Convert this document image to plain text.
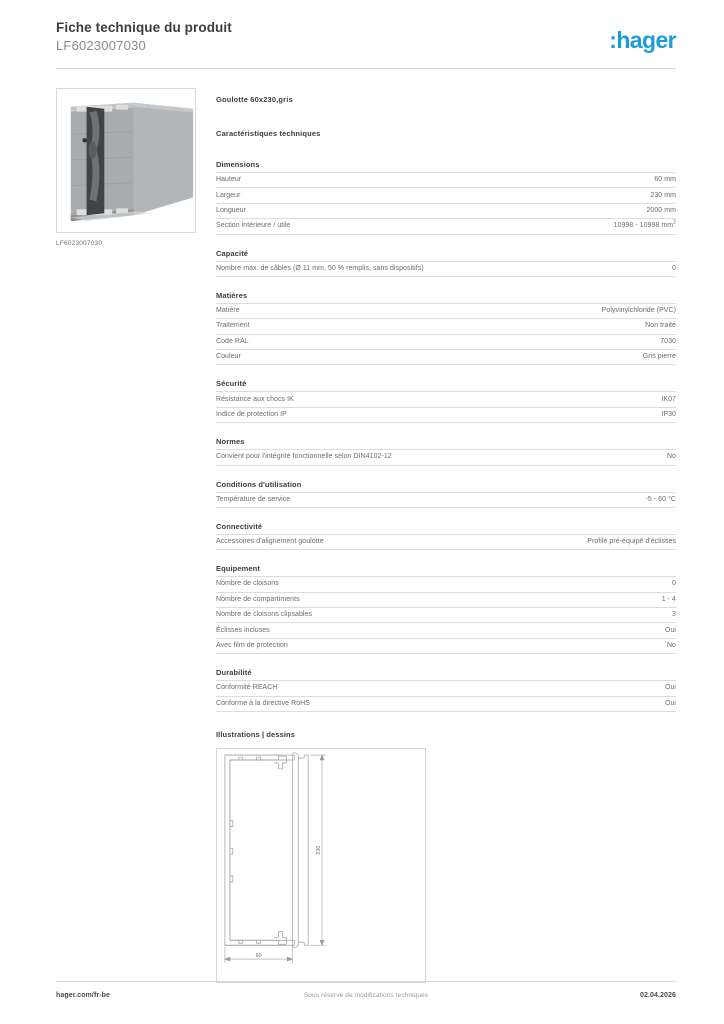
Fiche technique du produit
LF6023007030	:hager
LF6023007030
Goulotte 60x230,gris
Caractéristiques techniques
Dimensions
Hauteur	60 mm
Largeur	230 mm
Longueur	2000 mm
Section intérieure / utile	10998 - 10998 $mm^2$
Capacité
Nombre max. de câbles (Ø 11 mm, 50 % remplis, sans dispositifs)	0
Matières
Matière	Polyvinylchloride (PVC)
Traitement	Non traité
Code RAL	7030
Couleur	Gris pierre
Sécurité
Résistance aux chocs IK	IK07
Indice de protection IP	IP30
Normes
Convient pour l'intégrité fonctionnelle selon DIN4102-12	No
Conditions d'utilisation
Température de service	-5 - 60 °C
Connectivité
Accessoires d'alignement goulotte	Profilé pré-équipé d'éclisses
Equipement
Nombre de cloisons	0
Nombre de compartiments	1 - 4
Nombre de cloisons clipsables	3
Éclisses incluses	Oui
Avec film de protection	No
Durabilité
Conformité REACH	Oui
Conforme à la directive RoHS	Oui
Illustrations | dessins
60
230
hager.com/fr-be	Sous réserve de modifications techniques	02.04.2026
